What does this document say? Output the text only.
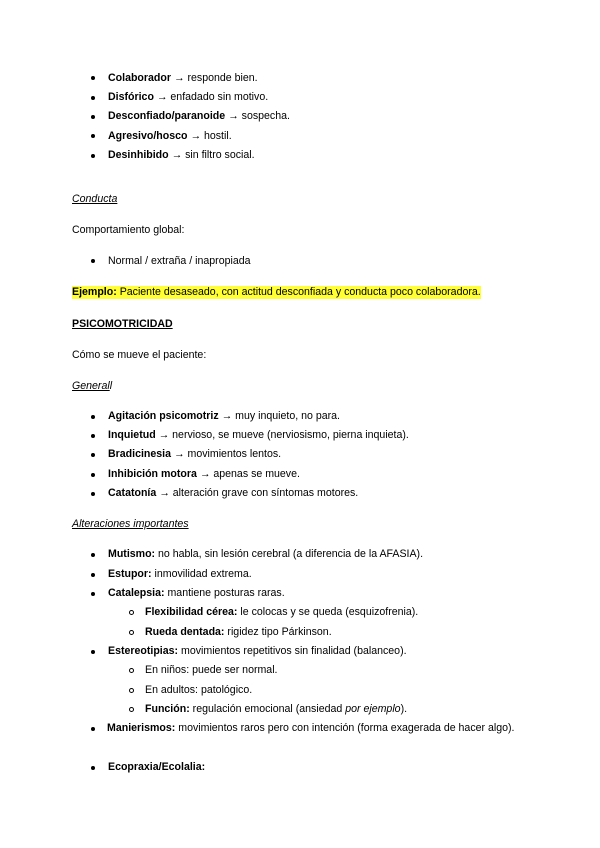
Colaborador → responde bien.
Disfórico → enfadado sin motivo.
Desconfiado/paranoide → sospecha.
Agresivo/hosco → hostil.
Desinhibido → sin filtro social.
Conducta
Comportamiento global:
Normal / extraña / inapropiada
Ejemplo: Paciente desaseado, con actitud desconfiada y conducta poco colaboradora.
PSICOMOTRICIDAD
Cómo se mueve el paciente:
Generall
Agitación psicomotriz → muy inquieto, no para.
Inquietud → nervioso, se mueve (nerviosismo, pierna inquieta).
Bradicinesia → movimientos lentos.
Inhibición motora → apenas se mueve.
Catatonía → alteración grave con síntomas motores.
Alteraciones importantes
Mutismo: no habla, sin lesión cerebral (a diferencia de la AFASIA).
Estupor: inmovilidad extrema.
Catalepsia: mantiene posturas raras.
Flexibilidad cérea: le colocas y se queda (esquizofrenia).
Rueda dentada: rigidez tipo Párkinson.
Estereotipias: movimientos repetitivos sin finalidad (balanceo).
En niños: puede ser normal.
En adultos: patológico.
Función: regulación emocional (ansiedad por ejemplo).
Manierismos: movimientos raros pero con intención (forma exagerada de hacer algo).
Ecopraxia/Ecolalia:
